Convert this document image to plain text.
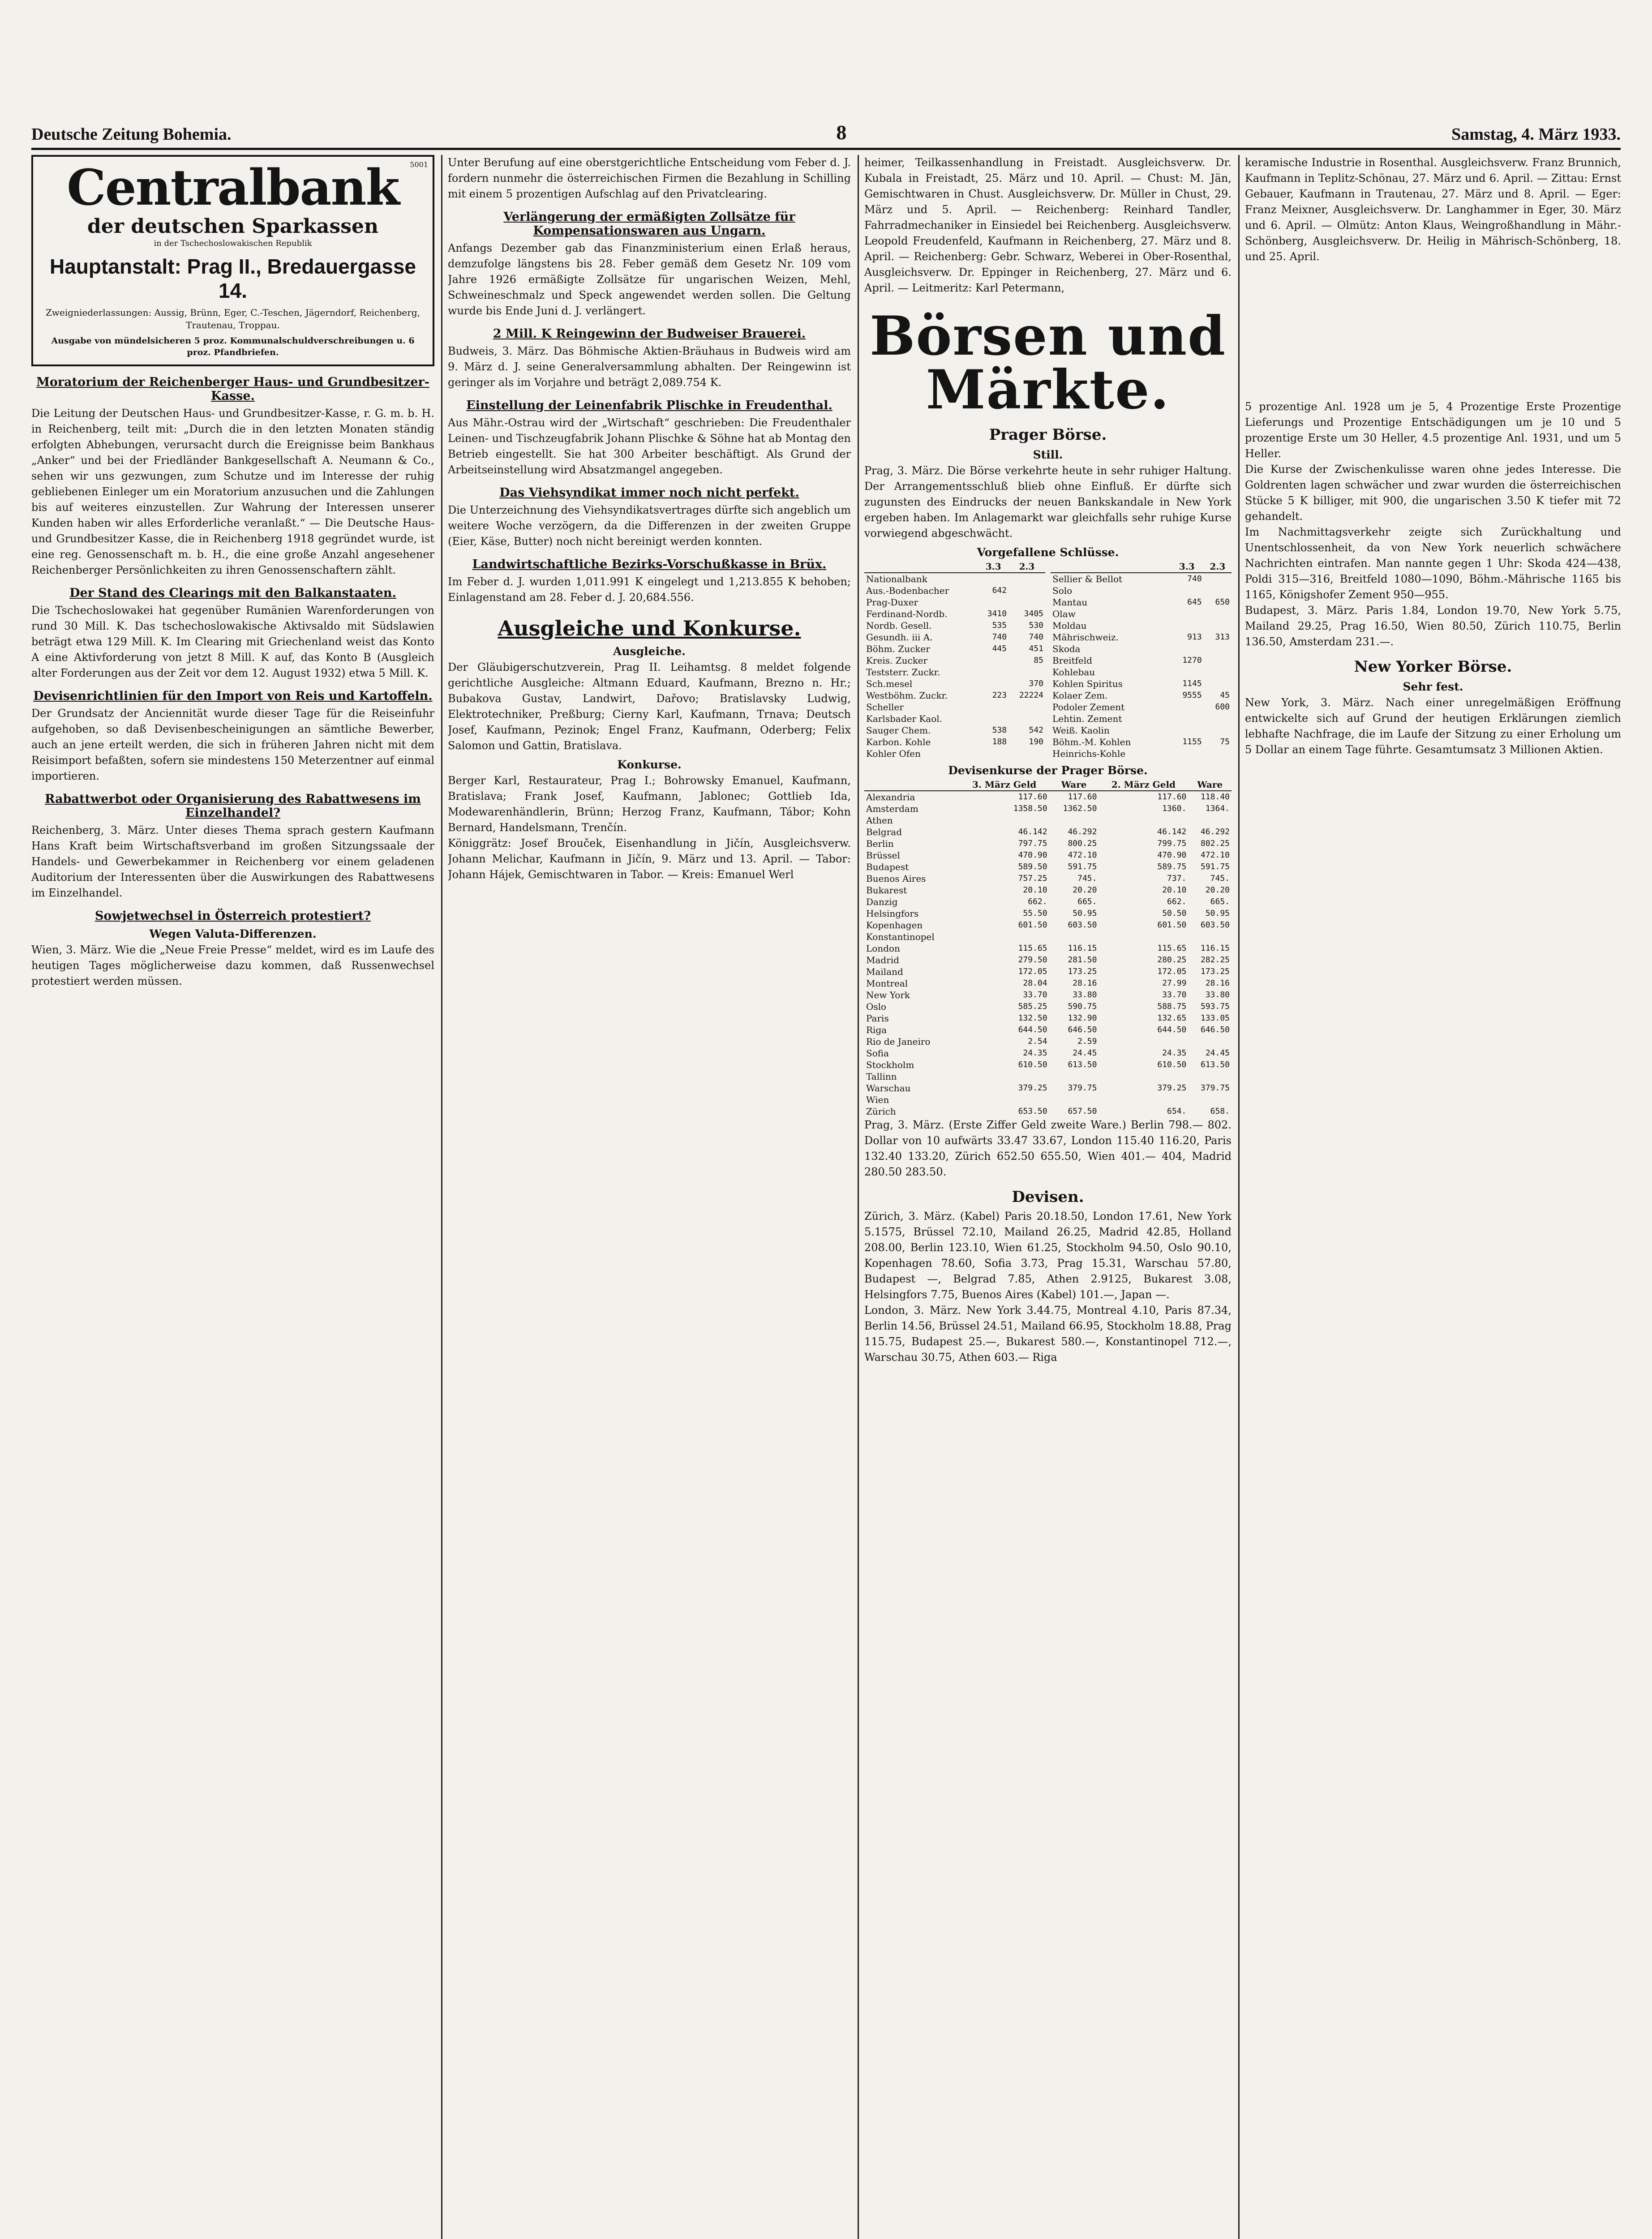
Deutsche Zeitung Bohemia.	8	Samstag, 4. März 1933.
5001
Centralbank
der deutschen Sparkassen
in der Tschechoslowakischen Republik
Hauptanstalt: Prag II., Bredauergasse 14.
Zweigniederlassungen: Aussig, Brünn, Eger, C.-Teschen, Jägerndorf, Reichenberg, Trautenau, Troppau.
Ausgabe von mündelsicheren 5 proz. Kommunalschuldverschreibungen u. 6 proz. Pfandbriefen.
Moratorium der Reichenberger Haus- und Grundbesitzer-Kasse.

Die Leitung der Deutschen Haus- und Grundbesitzer-Kasse, r. G. m. b. H. in Reichenberg, teilt mit: „Durch die in den letzten Monaten ständig erfolgten Abhebungen, verursacht durch die Ereignisse beim Bankhaus „Anker“ und bei der Friedländer Bankgesellschaft A. Neumann & Co., sehen wir uns gezwungen, zum Schutze und im Interesse der ruhig gebliebenen Einleger um ein Moratorium anzusuchen und die Zahlungen bis auf weiteres einzustellen. Zur Wahrung der Interessen unserer Kunden haben wir alles Erforderliche veranlaßt.“ — Die Deutsche Haus- und Grundbesitzer Kasse, die in Reichenberg 1918 gegründet wurde, ist eine reg. Genossenschaft m. b. H., die eine große Anzahl angesehener Reichenberger Persönlichkeiten zu ihren Genossenschaftern zählt.

Der Stand des Clearings mit den Balkanstaaten.

Die Tschechoslowakei hat gegenüber Rumänien Warenforderungen von rund 30 Mill. K. Das tschechoslowakische Aktivsaldo mit Südslawien beträgt etwa 129 Mill. K. Im Clearing mit Griechenland weist das Konto A eine Aktivforderung von jetzt 8 Mill. K auf, das Konto B (Ausgleich alter Forderungen aus der Zeit vor dem 12. August 1932) etwa 5 Mill. K.

Devisenrichtlinien für den Import von Reis und Kartoffeln.

Der Grundsatz der Anciennität wurde dieser Tage für die Reiseinfuhr aufgehoben, so daß Devisenbescheinigungen an sämtliche Bewerber, auch an jene erteilt werden, die sich in früheren Jahren nicht mit dem Reisimport befaßten, sofern sie mindestens 150 Meterzentner auf einmal importieren.

Rabattwerbot oder Organisierung des Rabattwesens im Einzelhandel?

Reichenberg, 3. März. Unter dieses Thema sprach gestern Kaufmann Hans Kraft beim Wirtschaftsverband im großen Sitzungssaale der Handels- und Gewerbekammer in Reichenberg vor einem geladenen Auditorium der Interessenten über die Auswirkungen des Rabattwesens im Einzelhandel.

Sowjetwechsel in Österreich protestiert?
Wegen Valuta-Differenzen.

Wien, 3. März. Wie die „Neue Freie Presse“ meldet, wird es im Laufe des heutigen Tages möglicherweise dazu kommen, daß Russenwechsel protestiert werden müssen.

Unter Berufung auf eine oberstgerichtliche Entscheidung vom Feber d. J. fordern nunmehr die österreichischen Firmen die Bezahlung in Schilling mit einem 5 prozentigen Aufschlag auf den Privatclearing.

Verlängerung der ermäßigten Zollsätze für Kompensationswaren aus Ungarn.

Anfangs Dezember gab das Finanzministerium einen Erlaß heraus, demzufolge längstens bis 28. Feber gemäß dem Gesetz Nr. 109 vom Jahre 1926 ermäßigte Zollsätze für ungarischen Weizen, Mehl, Schweineschmalz und Speck angewendet werden sollen. Die Geltung wurde bis Ende Juni d. J. verlängert.

2 Mill. K Reingewinn der Budweiser Brauerei.

Budweis, 3. März. Das Böhmische Aktien-Bräuhaus in Budweis wird am 9. März d. J. seine Generalversammlung abhalten. Der Reingewinn ist geringer als im Vorjahre und beträgt 2,089.754 K.

Einstellung der Leinenfabrik Plischke in Freudenthal.

Aus Mähr.-Ostrau wird der „Wirtschaft“ geschrieben: Die Freudenthaler Leinen- und Tischzeugfabrik Johann Plischke & Söhne hat ab Montag den Betrieb eingestellt. Sie hat 300 Arbeiter beschäftigt. Als Grund der Arbeitseinstellung wird Absatzmangel angegeben.

Das Viehsyndikat immer noch nicht perfekt.

Die Unterzeichnung des Viehsyndikatsvertrages dürfte sich angeblich um weitere Woche verzögern, da die Differenzen in der zweiten Gruppe (Eier, Käse, Butter) noch nicht bereinigt werden konnten.

Landwirtschaftliche Bezirks-Vorschußkasse in Brüx.

Im Feber d. J. wurden 1,011.991 K eingelegt und 1,213.855 K behoben; Einlagenstand am 28. Feber d. J. 20,684.556.

Ausgleiche und Konkurse.
Ausgleiche.

Der Gläubigerschutzverein, Prag II. Leihamtsg. 8 meldet folgende gerichtliche Ausgleiche: Altmann Eduard, Kaufmann, Brezno n. Hr.; Bubakova Gustav, Landwirt, Dařovo; Bratislavsky Ludwig, Elektrotechniker, Preßburg; Cierny Karl, Kaufmann, Trnava; Deutsch Josef, Kaufmann, Pezinok; Engel Franz, Kaufmann, Oderberg; Felix Salomon und Gattin, Bratislava.

Konkurse.

Berger Karl, Restaurateur, Prag I.; Bohrowsky Emanuel, Kaufmann, Bratislava; Frank Josef, Kaufmann, Jablonec; Gottlieb Ida, Modewarenhändlerin, Brünn; Herzog Franz, Kaufmann, Tábor; Kohn Bernard, Handelsmann, Trenčín.

Königgrätz: Josef Brouček, Eisenhandlung in Jičín, Ausgleichsverw. Johann Melichar, Kaufmann in Jičín, 9. März und 13. April. — Tabor: Johann Hájek, Gemischtwaren in Tabor. — Kreis: Emanuel Werl

heimer, Teilkassenhandlung in Freistadt. Ausgleichsverw. Dr. Kubala in Freistadt, 25. März und 10. April. — Chust: M. Jän, Gemischtwaren in Chust. Ausgleichsverw. Dr. Müller in Chust, 29. März und 5. April. — Reichenberg: Reinhard Tandler, Fahrradmechaniker in Einsiedel bei Reichenberg. Ausgleichsverw. Leopold Freudenfeld, Kaufmann in Reichenberg, 27. März und 8. April. — Reichenberg: Gebr. Schwarz, Weberei in Ober-Rosenthal, Ausgleichsverw. Dr. Eppinger in Reichenberg, 27. März und 6. April. — Leitmeritz: Karl Petermann,

Börsen und Märkte.
Prager Börse.
Still.

Prag, 3. März. Die Börse verkehrte heute in sehr ruhiger Haltung. Der Arrangementsschluß blieb ohne Einfluß. Er dürfte sich zugunsten des Eindrucks der neuen Bankskandale in New York ergeben haben. Im Anlagemarkt war gleichfalls sehr ruhige Kurse vorwiegend abgeschwächt.

Vorgefallene Schlüsse.
	3.3	2.3
Nationalbank		
Aus.-Bodenbacher	642	
Prag-Duxer		
Ferdinand-Nordb.	3410	3405
Nordb. Gesell.	535	530
Gesundh. iii A.	740	740
Böhm. Zucker	445	451
Kreis. Zucker		85
Teststerr. Zuckr.		
Sch.mesel		370
Westböhm. Zuckr.	223	22224
Scheller		
Karlsbader Kaol.		
Sauger Chem.	538	542
Karbon. Kohle	188	190
Kohler Ofen		
	3.3	2.3
Sellier & Bellot	740	
Solo		
Mantau	645	650
Olaw		
Moldau		
Mährischweiz.	913	313
Skoda		
Breitfeld	1270	
Kohlebau		
Kohlen Spiritus	1145	
Kolaer Zem.	9555	45
Podoler Zement		600
Lehtin. Zement		
Weiß. Kaolin		
Böhm.-M. Kohlen	1155	75
Heinrichs-Kohle		
Devisenkurse der Prager Börse.
	3. März Geld	Ware	2. März Geld	Ware
Alexandria	117.60	117.60	117.60	118.40
Amsterdam	1358.50	1362.50	1360.	1364.
Athen				
Belgrad	46.142	46.292	46.142	46.292
Berlin	797.75	800.25	799.75	802.25
Brüssel	470.90	472.10	470.90	472.10
Budapest	589.50	591.75	589.75	591.75
Buenos Aires	757.25	745.	737.	745.
Bukarest	20.10	20.20	20.10	20.20
Danzig	662.	665.	662.	665.
Helsingfors	55.50	50.95	50.50	50.95
Kopenhagen	601.50	603.50	601.50	603.50
Konstantinopel				
London	115.65	116.15	115.65	116.15
Madrid	279.50	281.50	280.25	282.25
Mailand	172.05	173.25	172.05	173.25
Montreal	28.04	28.16	27.99	28.16
New York	33.70	33.80	33.70	33.80
Oslo	585.25	590.75	588.75	593.75
Paris	132.50	132.90	132.65	133.05
Riga	644.50	646.50	644.50	646.50
Rio de Janeiro	2.54	2.59		
Sofia	24.35	24.45	24.35	24.45
Stockholm	610.50	613.50	610.50	613.50
Tallinn				
Warschau	379.25	379.75	379.25	379.75
Wien				
Zürich	653.50	657.50	654.	658.

Prag, 3. März. (Erste Ziffer Geld zweite Ware.) Berlin 798.— 802. Dollar von 10 aufwärts 33.47 33.67, London 115.40 116.20, Paris 132.40 133.20, Zürich 652.50 655.50, Wien 401.— 404, Madrid 280.50 283.50.

Devisen.

Zürich, 3. März. (Kabel) Paris 20.18.50, London 17.61, New York 5.1575, Brüssel 72.10, Mailand 26.25, Madrid 42.85, Holland 208.00, Berlin 123.10, Wien 61.25, Stockholm 94.50, Oslo 90.10, Kopenhagen 78.60, Sofia 3.73, Prag 15.31, Warschau 57.80, Budapest —, Belgrad 7.85, Athen 2.9125, Bukarest 3.08, Helsingfors 7.75, Buenos Aires (Kabel) 101.—, Japan —.

London, 3. März. New York 3.44.75, Montreal 4.10, Paris 87.34, Berlin 14.56, Brüssel 24.51, Mailand 66.95, Stockholm 18.88, Prag 115.75, Budapest 25.—, Bukarest 580.—, Konstantinopel 712.—, Warschau 30.75, Athen 603.— Riga

keramische Industrie in Rosenthal. Ausgleichsverw. Franz Brunnich, Kaufmann in Teplitz-Schönau, 27. März und 6. April. — Zittau: Ernst Gebauer, Kaufmann in Trautenau, 27. März und 8. April. — Eger: Franz Meixner, Ausgleichsverw. Dr. Langhammer in Eger, 30. März und 6. April. — Olmütz: Anton Klaus, Weingroßhandlung in Mähr.-Schönberg, Ausgleichsverw. Dr. Heilig in Mährisch-Schönberg, 18. und 25. April.

5 prozentige Anl. 1928 um je 5, 4 Prozentige Erste Prozentige Lieferungs und Prozentige Entschädigungen um je 10 und 5 prozentige Erste um 30 Heller, 4.5 prozentige Anl. 1931, und um 5 Heller.

Die Kurse der Zwischenkulisse waren ohne jedes Interesse. Die Goldrenten lagen schwächer und zwar wurden die österreichischen Stücke 5 K billiger, mit 900, die ungarischen 3.50 K tiefer mit 72 gehandelt.

Im Nachmittagsverkehr zeigte sich Zurückhaltung und Unentschlossenheit, da von New York neuerlich schwächere Nachrichten eintrafen. Man nannte gegen 1 Uhr: Skoda 424—438, Poldi 315—316, Breitfeld 1080—1090, Böhm.-Mährische 1165 bis 1165, Königshofer Zement 950—955.

Budapest, 3. März. Paris 1.84, London 19.70, New York 5.75, Mailand 29.25, Prag 16.50, Wien 80.50, Zürich 110.75, Berlin 136.50, Amsterdam 231.—.

New Yorker Börse.
Sehr fest.

New York, 3. März. Nach einer unregelmäßigen Eröffnung entwickelte sich auf Grund der heutigen Erklärungen ziemlich lebhafte Nachfrage, die im Laufe der Sitzung zu einer Erholung um 5 Dollar an einem Tage führte. Gesamtumsatz 3 Millionen Aktien.
